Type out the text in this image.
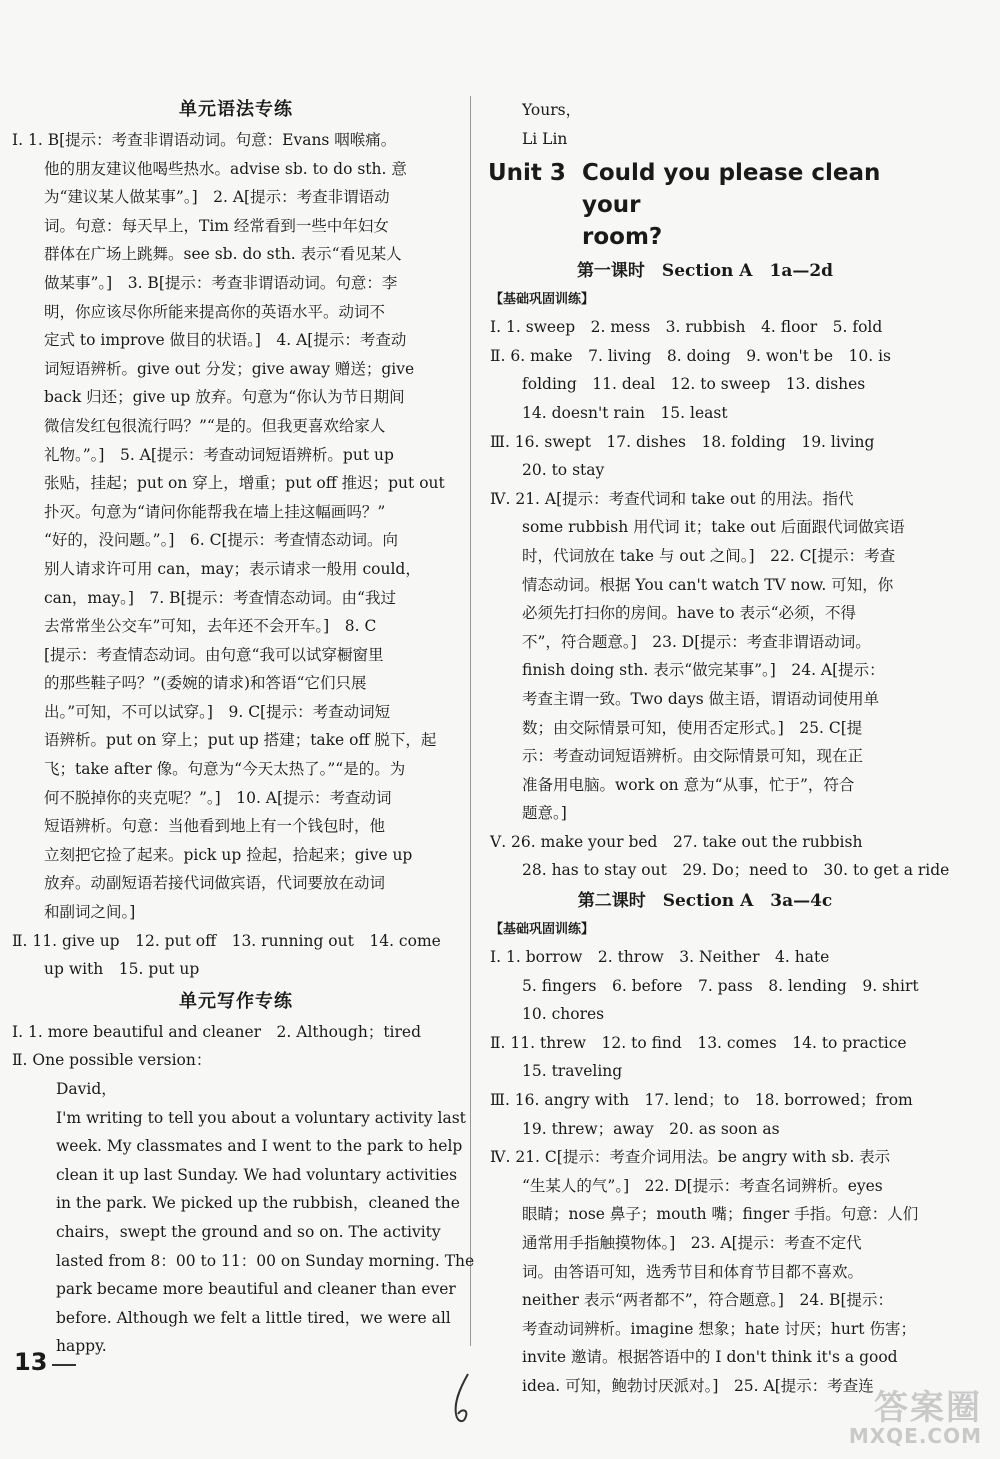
单元语法专练
Ⅰ. 1. B[提示：考查非谓语动词。句意：Evans 咽喉痛。
他的朋友建议他喝些热水。advise sb. to do sth. 意
为“建议某人做某事”。]　2. A[提示：考查非谓语动
词。句意：每天早上，Tim 经常看到一些中年妇女
群体在广场上跳舞。see sb. do sth. 表示“看见某人
做某事”。]　3. B[提示：考查非谓语动词。句意：李
明，你应该尽你所能来提高你的英语水平。动词不
定式 to improve 做目的状语。]　4. A[提示：考查动
词短语辨析。give out 分发；give away 赠送；give
back 归还；give up 放弃。句意为“你认为节日期间
微信发红包很流行吗？”“是的。但我更喜欢给家人
礼物。”。]　5. A[提示：考查动词短语辨析。put up
张贴，挂起；put on 穿上，增重；put off 推迟；put out
扑灭。句意为“请问你能帮我在墙上挂这幅画吗？”
“好的，没问题。”。]　6. C[提示：考查情态动词。向
别人请求许可用 can，may；表示请求一般用 could，
can，may。]　7. B[提示：考查情态动词。由“我过
去常常坐公交车”可知，去年还不会开车。]　8. C
[提示：考查情态动词。由句意“我可以试穿橱窗里
的那些鞋子吗？”(委婉的请求)和答语“它们只展
出。”可知，不可以试穿。]　9. C[提示：考查动词短
语辨析。put on 穿上；put up 搭建；take off 脱下，起
飞；take after 像。句意为“今天太热了。”“是的。为
何不脱掉你的夹克呢？”。]　10. A[提示：考查动词
短语辨析。句意：当他看到地上有一个钱包时，他
立刻把它捡了起来。pick up 捡起，拾起来；give up
放弃。动副短语若接代词做宾语，代词要放在动词
和副词之间。]
Ⅱ. 11. give up　12. put off　13. running out　14. come
up with　15. put up
单元写作专练
Ⅰ. 1. more beautiful and cleaner　2. Although；tired
Ⅱ. One possible version：
David，
I'm writing to tell you about a voluntary activity last
week. My classmates and I went to the park to help
clean it up last Sunday. We had voluntary activities
in the park. We picked up the rubbish，cleaned the
chairs，swept the ground and so on. The activity
lasted from 8：00 to 11：00 on Sunday morning. The
park became more beautiful and cleaner than ever
before. Although we felt a little tired，we were all
happy.
Yours，
Li Lin
Unit 3 Could you please clean your
room?
第一课时　Section A　1a—2d
【基础巩固训练】
Ⅰ. 1. sweep　2. mess　3. rubbish　4. floor　5. fold
Ⅱ. 6. make　7. living　8. doing　9. won't be　10. is
folding　11. deal　12. to sweep　13. dishes
14. doesn't rain　15. least
Ⅲ. 16. swept　17. dishes　18. folding　19. living
20. to stay
Ⅳ. 21. A[提示：考查代词和 take out 的用法。指代
some rubbish 用代词 it；take out 后面跟代词做宾语
时，代词放在 take 与 out 之间。]　22. C[提示：考查
情态动词。根据 You can't watch TV now. 可知，你
必须先打扫你的房间。have to 表示“必须，不得
不”，符合题意。]　23. D[提示：考查非谓语动词。
finish doing sth. 表示“做完某事”。]　24. A[提示：
考查主谓一致。Two days 做主语，谓语动词使用单
数；由交际情景可知，使用否定形式。]　25. C[提
示：考查动词短语辨析。由交际情景可知，现在正
准备用电脑。work on 意为“从事，忙于”，符合
题意。]
Ⅴ. 26. make your bed　27. take out the rubbish
28. has to stay out　29. Do；need to　30. to get a ride
第二课时　Section A　3a—4c
【基础巩固训练】
Ⅰ. 1. borrow　2. throw　3. Neither　4. hate
5. fingers　6. before　7. pass　8. lending　9. shirt
10. chores
Ⅱ. 11. threw　12. to find　13. comes　14. to practice
15. traveling
Ⅲ. 16. angry with　17. lend；to　18. borrowed；from
19. threw；away　20. as soon as
Ⅳ. 21. C[提示：考查介词用法。be angry with sb. 表示
“生某人的气”。]　22. D[提示：考查名词辨析。eyes
眼睛；nose 鼻子；mouth 嘴；finger 手指。句意：人们
通常用手指触摸物体。]　23. A[提示：考查不定代
词。由答语可知，选秀节目和体育节目都不喜欢。
neither 表示“两者都不”，符合题意。]　24. B[提示：
考查动词辨析。imagine 想象；hate 讨厌；hurt 伤害；
invite 邀请。根据答语中的 I don't think it's a good
idea. 可知，鲍勃讨厌派对。]　25. A[提示：考查连
13
答案圈
MXQE.COM
